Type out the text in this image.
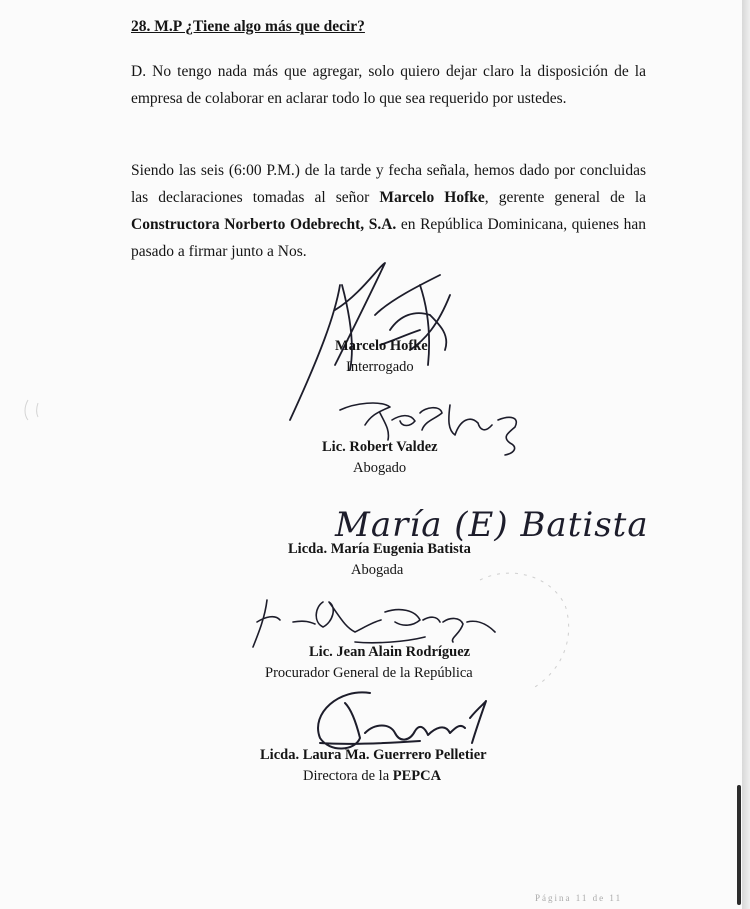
28. M.P ¿Tiene algo más que decir?
D. No tengo nada más que agregar, solo quiero dejar claro la disposición de la empresa de colaborar en aclarar todo lo que sea requerido por ustedes.
Siendo las seis (6:00 P.M.) de la tarde y fecha señala, hemos dado por concluidas las declaraciones tomadas al señor Marcelo Hofke, gerente general de la Constructora Norberto Odebrecht, S.A. en República Dominicana, quienes han pasado a firmar junto a Nos.
Marcelo Hofke
Interrogado
Lic. Robert Valdez
Abogado
María (E) Batista
Licda. María Eugenia Batista
Abogada
Lic. Jean Alain Rodríguez
Procurador General de la República
Licda. Laura Ma. Guerrero Pelletier
Directora de la PEPCA
Página 11 de 11
